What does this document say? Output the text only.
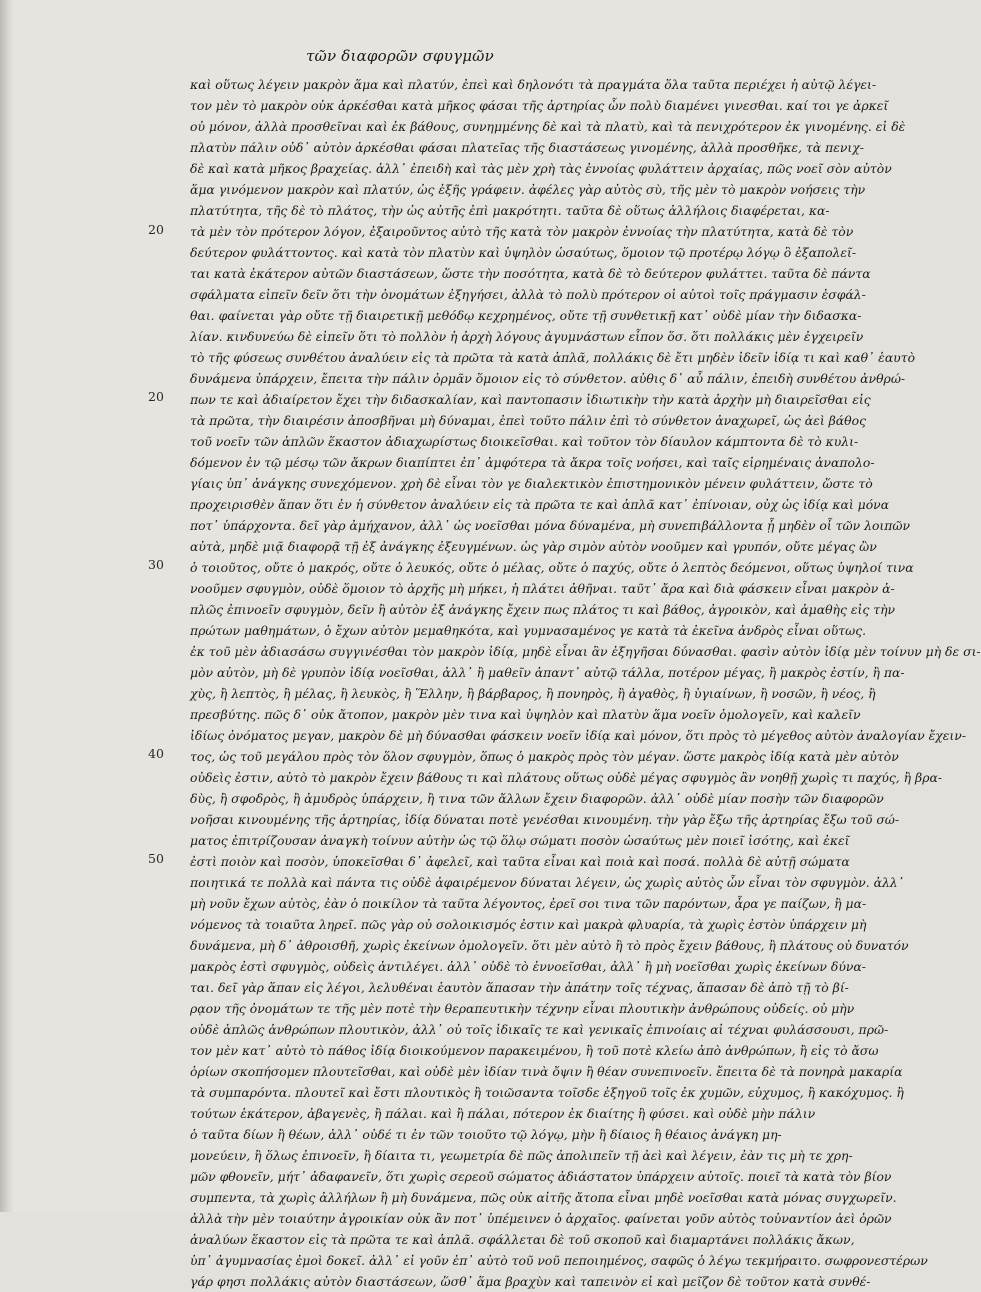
τῶν διαφορῶν σφυγμῶν
20
20
30
40
50
καὶ οὕτως λέγειν μακρὸν ἅμα καὶ πλατύν, ἐπεὶ καὶ δηλονότι τὰ πραγμάτα ὅλα ταῦτα περιέχει ἡ αὐτῷ λέγει-
τον μὲν τὸ μακρὸν οὐκ ἀρκέσθαι κατὰ μῆκος φάσαι τῆς ἀρτηρίας ὧν πολὺ διαμένει γινεσθαι. καί τοι γε ἀρκεῖ
οὐ μόνον, ἀλλὰ προσθεῖναι καὶ ἐκ βάθους, συνημμένης δὲ καὶ τὰ πλατὺ, καὶ τὰ πενιχρότερον ἐκ γινομένης. εἰ δὲ
πλατὺν πάλιν οὐδ᾽ αὐτὸν ἀρκέσθαι φάσαι πλατεῖας τῆς διαστάσεως γινομένης, ἀλλὰ προσθῆκε, τὰ πενιχ-
δὲ καὶ κατὰ μῆκος βραχείας. ἀλλ᾽ ἐπειδὴ καὶ τὰς μὲν χρὴ τὰς ἐννοίας φυλάττειν ἀρχαίας, πῶς νοεῖ σὸν αὐτὸν
ἅμα γινόμενον μακρὸν καὶ πλατύν, ὡς ἐξῆς γράφειν. ἀφέλες γὰρ αὐτὸς σὺ, τῆς μὲν τὸ μακρὸν νοήσεις τὴν
πλατύτητα, τῆς δὲ τὸ πλάτος, τὴν ὡς αὐτῆς ἐπὶ μακρότητι. ταῦτα δὲ οὕτως ἀλλήλοις διαφέρεται, κα-
τὰ μὲν τὸν πρότερον λόγον, ἐξαιροῦντος αὐτὸ τῆς κατὰ τὸν μακρὸν ἐννοίας τὴν πλατύτητα, κατὰ δὲ τὸν
δεύτερον φυλάττοντος. καὶ κατὰ τὸν πλατὺν καὶ ὑψηλὸν ὡσαύτως, ὅμοιον τῷ προτέρῳ λόγῳ ὃ ἐξαπολεῖ-
ται κατὰ ἑκάτερον αὐτῶν διαστάσεων, ὥστε τὴν ποσότητα, κατὰ δὲ τὸ δεύτερον φυλάττει. ταῦτα δὲ πάντα
σφάλματα εἰπεῖν δεῖν ὅτι τὴν ὀνομάτων ἐξηγήσει, ἀλλὰ τὸ πολὺ πρότερον οἱ αὐτοὶ τοῖς πράγμασιν ἐσφάλ-
θαι. φαίνεται γὰρ οὔτε τῇ διαιρετικῇ μεθόδῳ κεχρημένος, οὔτε τῇ συνθετικῇ κατ᾽ οὐδὲ μίαν τὴν διδασκα-
λίαν. κινδυνεύω δὲ εἰπεῖν ὅτι τὸ πολλὸν ἡ ἀρχὴ λόγους ἀγυμνάστων εἶπον ὅσ. ὅτι πολλάκις μὲν ἐγχειρεῖν
τὸ τῆς φύσεως συνθέτου ἀναλύειν εἰς τὰ πρῶτα τὰ κατὰ ἁπλᾶ, πολλάκις δὲ ἔτι μηδὲν ἰδεῖν ἰδίᾳ τι καὶ καθ᾽ ἑαυτὸ
δυνάμενα ὑπάρχειν, ἔπειτα τὴν πάλιν ὁρμᾶν ὅμοιον εἰς τὸ σύνθετον. αὐθις δ᾽ αὖ πάλιν, ἐπειδὴ συνθέτου ἀνθρώ-
πων τε καὶ ἀδιαίρετον ἔχει τὴν διδασκαλίαν, καὶ παντοπασιν ἰδιωτικὴν τὴν κατὰ ἀρχὴν μὴ διαιρεῖσθαι εἰς
τὰ πρῶτα, τὴν διαιρέσιν ἀποσβῆναι μὴ δύναμαι, ἐπεὶ τοῦτο πάλιν ἐπὶ τὸ σύνθετον ἀναχωρεῖ, ὡς ἀεὶ βάθος
τοῦ νοεῖν τῶν ἁπλῶν ἕκαστον ἀδιαχωρίστως διοικεῖσθαι. καὶ τοῦτον τὸν δίαυλον κάμπτοντα δὲ τὸ κυλι-
δόμενον ἐν τῷ μέσῳ τῶν ἄκρων διαπίπτει ἐπ᾽ ἀμφότερα τὰ ἄκρα τοῖς νοήσει, καὶ ταῖς εἰρημέναις ἀναπολο-
γίαις ὑπ᾽ ἀνάγκης συνεχόμενον. χρὴ δὲ εἶναι τὸν γε διαλεκτικὸν ἐπιστημονικὸν μένειν φυλάττειν, ὥστε τὸ
προχειρισθὲν ἅπαν ὅτι ἐν ἡ σύνθετον ἀναλύειν εἰς τὰ πρῶτα τε καὶ ἁπλᾶ κατ᾽ ἐπίνοιαν, οὐχ ὡς ἰδίᾳ καὶ μόνα
ποτ᾽ ὑπάρχοντα. δεῖ γὰρ ἀμήχανον, ἀλλ᾽ ὡς νοεῖσθαι μόνα δύναμένα, μὴ συνεπιβάλλοντα ᾗ μηδὲν οἷ τῶν λοιπῶν
αὐτὰ, μηδὲ μιᾷ διαφορᾷ τῇ ἐξ ἀνάγκης ἐξευγμένων. ὡς γὰρ σιμὸν αὐτὸν νοοῦμεν καὶ γρυπόν, οὔτε μέγας ὢν
ὁ τοιοῦτος, οὔτε ὁ μακρός, οὔτε ὁ λευκός, οὔτε ὁ μέλας, οὔτε ὁ παχύς, οὔτε ὁ λεπτὸς δεόμενοι, οὕτως ὑψηλοί τινα
νοοῦμεν σφυγμὸν, οὐδὲ ὅμοιον τὸ ἀρχῆς μὴ μήκει, ἡ πλάτει ἀθῆναι. ταῦτ᾽ ἄρα καὶ διὰ φάσκειν εἶναι μακρὸν ἁ-
πλῶς ἐπινοεῖν σφυγμὸν, δεῖν ἢ αὐτὸν ἐξ ἀνάγκης ἔχειν πως πλάτος τι καὶ βάθος, ἀγροικὸν, καὶ ἀμαθὴς εἰς τὴν
πρώτων μαθημάτων, ὁ ἔχων αὐτὸν μεμαθηκότα, καὶ γυμνασαμένος γε κατὰ τὰ ἐκεῖνα ἀνδρὸς εἶναι οὕτως.
ἐκ τοῦ μὲν ἀδιασάσω συγγινέσθαι τὸν μακρὸν ἰδίᾳ, μηδὲ εἶναι ἂν ἐξηγῆσαι δύνασθαι. φασὶν αὐτὸν ἰδίᾳ μὲν τοίνυν μὴ δε σι-
μὸν αὐτὸν, μὴ δὲ γρυπὸν ἰδίᾳ νοεῖσθαι, ἀλλ᾽ ἢ μαθεῖν ἀπαντ᾽ αὐτῷ τάλλα, ποτέρον μέγας, ἢ μακρὸς ἐστίν, ἢ πα-
χὺς, ἢ λεπτὸς, ἢ μέλας, ἢ λευκὸς, ἢ Ἕλλην, ἢ βάρβαρος, ἢ πονηρὸς, ἢ ἀγαθὸς, ἢ ὑγιαίνων, ἢ νοσῶν, ἢ νέος, ἢ
πρεσβύτης. πῶς δ᾽ οὐκ ἄτοπον, μακρὸν μὲν τινα καὶ ὑψηλὸν καὶ πλατὺν ἅμα νοεῖν ὁμολογεῖν, καὶ καλεῖν
ἰδίως ὀνόματος μεγαν, μακρὸν δὲ μὴ δύνασθαι φάσκειν νοεῖν ἰδίᾳ καὶ μόνον, ὅτι πρὸς τὸ μέγεθος αὐτὸν ἀναλογίαν ἔχειν-
τος, ὡς τοῦ μεγάλου πρὸς τὸν ὅλον σφυγμὸν, ὅπως ὁ μακρὸς πρὸς τὸν μέγαν. ὥστε μακρὸς ἰδίᾳ κατὰ μὲν αὐτὸν
οὐδεὶς ἐστιν, αὐτὸ τὸ μακρὸν ἔχειν βάθους τι καὶ πλάτους οὕτως οὐδὲ μέγας σφυγμὸς ἂν νοηθῇ χωρὶς τι παχύς, ἢ βρα-
δὺς, ἢ σφοδρὸς, ἢ ἀμυδρὸς ὑπάρχειν, ἢ τινα τῶν ἄλλων ἔχειν διαφορῶν. ἀλλ᾽ οὐδὲ μίαν ποσὴν τῶν διαφορῶν
νοῆσαι κινουμένης τῆς ἀρτηρίας, ἰδίᾳ δύναται ποτὲ γενέσθαι κινουμένη. τὴν γὰρ ἔξω τῆς ἀρτηρίας ἔξω τοῦ σώ-
ματος ἐπιτρίζουσαν ἀναγκὴ τοίνυν αὐτὴν ὡς τῷ ὅλῳ σώματι ποσὸν ὡσαύτως μὲν ποιεῖ ἰσότης, καὶ ἐκεῖ
ἐστὶ ποιὸν καὶ ποσὸν, ὑποκεῖσθαι δ᾽ ἀφελεῖ, καὶ ταῦτα εἶναι καὶ ποιὰ καὶ ποσά. πολλὰ δὲ αὐτῇ σώματα
ποιητικά τε πολλὰ καὶ πάντα τις οὐδὲ ἀφαιρέμενον δύναται λέγειν, ὡς χωρὶς αὐτὸς ὧν εἶναι τὸν σφυγμὸν. ἀλλ᾽
μὴ νοῦν ἔχων αὐτὸς, ἐὰν ὁ ποικίλον τὰ ταῦτα λέγοντος, ἐρεῖ σοι τινα τῶν παρόντων, ἆρα γε παίζων, ἢ μα-
νόμενος τὰ τοιαῦτα ληρεῖ. πῶς γὰρ οὐ σολοικισμός ἐστιν καὶ μακρὰ φλυαρία, τὰ χωρὶς ἐστὸν ὑπάρχειν μὴ
δυνάμενα, μὴ δ᾽ ἀθροισθῆ, χωρὶς ἐκείνων ὁμολογεῖν. ὅτι μὲν αὐτὸ ἢ τὸ πρὸς ἔχειν βάθους, ἢ πλάτους οὐ δυνατόν
μακρὸς ἐστὶ σφυγμὸς, οὐδεὶς ἀντιλέγει. ἀλλ᾽ οὐδὲ τὸ ἐννοεῖσθαι, ἀλλ᾽ ἢ μὴ νοεῖσθαι χωρὶς ἐκείνων δύνα-
ται. δεῖ γὰρ ἅπαν εἰς λέγοι, λελυθέναι ἑαυτὸν ἅπασαν τὴν ἀπάτην τοῖς τέχνας, ἅπασαν δὲ ἀπὸ τῇ τὸ βί-
ρᾳον τῆς ὀνομάτων τε τῆς μὲν ποτὲ τὴν θεραπευτικὴν τέχνην εἶναι πλουτικὴν ἀνθρώπους οὐδείς. οὐ μὴν
οὐδὲ ἁπλῶς ἀνθρώπων πλουτικὸν, ἀλλ᾽ οὐ τοῖς ἰδικαῖς τε καὶ γενικαῖς ἐπινοίαις αἱ τέχναι φυλάσσουσι, πρῶ-
τον μὲν κατ᾽ αὐτὸ τὸ πάθος ἰδίᾳ διοικούμενον παρακειμένου, ἢ τοῦ ποτὲ κλείω ἀπὸ ἀνθρώπων, ἢ εἰς τὸ ἄσω
ὁρίων σκοπήσομεν πλουτεῖσθαι, καὶ οὐδὲ μὲν ἰδίαν τινὰ ὄψιν ἢ θέαν συνεπινοεῖν. ἔπειτα δὲ τὰ πονηρὰ μακαρία
τὰ συμπαρόντα. πλουτεῖ καὶ ἔστι πλουτικὸς ἢ τοιῶσαντα τοῖσδε ἐξηγοῦ τοῖς ἐκ χυμῶν, εὐχυμος, ἢ κακόχυμος. ἢ
τούτων ἑκάτερον, ἀβαγενὲς, ἢ πάλαι. καὶ ἢ πάλαι, πότερον ἐκ διαίτης ἢ φύσει. καὶ οὐδὲ μὴν πάλιν
ὁ ταῦτα δίων ἢ θέων, ἀλλ᾽ οὐδέ τι ἐν τῶν τοιοῦτο τῷ λόγῳ, μὴν ἢ δίαιος ἢ θέαιος ἀνάγκη μη-
μονεύειν, ἢ ὅλως ἐπινοεῖν, ἢ δίαιτα τι, γεωμετρία δὲ πῶς ἀπολιπεῖν τῇ ἀεὶ καὶ λέγειν, ἐὰν τις μὴ τε χρη-
μῶν φθονεῖν, μήτ᾽ ἀδαφανεῖν, ὅτι χωρὶς σερεοῦ σώματος ἀδιάστατον ὑπάρχειν αὐτοῖς. ποιεῖ τὰ κατὰ τὸν βίον
συμπεντα, τὰ χωρὶς ἀλλήλων ἢ μὴ δυνάμενα, πῶς οὐκ αἰτῆς ἄτοπα εἶναι μηδὲ νοεῖσθαι κατὰ μόνας συγχωρεῖν.
ἀλλὰ τὴν μὲν τοιαύτην ἀγροικίαν οὐκ ἂν ποτ᾽ ὑπέμεινεν ὁ ἀρχαῖος. φαίνεται γοῦν αὐτὸς τοὐναντίον ἀεὶ ὁρῶν
ἀναλύων ἕκαστον εἰς τὰ πρῶτα τε καὶ ἁπλᾶ. σφάλλεται δὲ τοῦ σκοποῦ καὶ διαμαρτάνει πολλάκις ἄκων,
ὑπ᾽ ἀγυμνασίας ἐμοὶ δοκεῖ. ἀλλ᾽ εἰ γοῦν ἐπ᾽ αὐτὸ τοῦ νοῦ πεποιημένος, σαφῶς ὁ λέγω τεκμήραιτο. σωφρονεστέρων
γάρ φησι πολλάκις αὐτὸν διαστάσεων, ὥσθ᾽ ἅμα βραχὺν καὶ ταπεινὸν εἰ καὶ μεῖζον δὲ τοῦτον κατὰ συνθέ-
